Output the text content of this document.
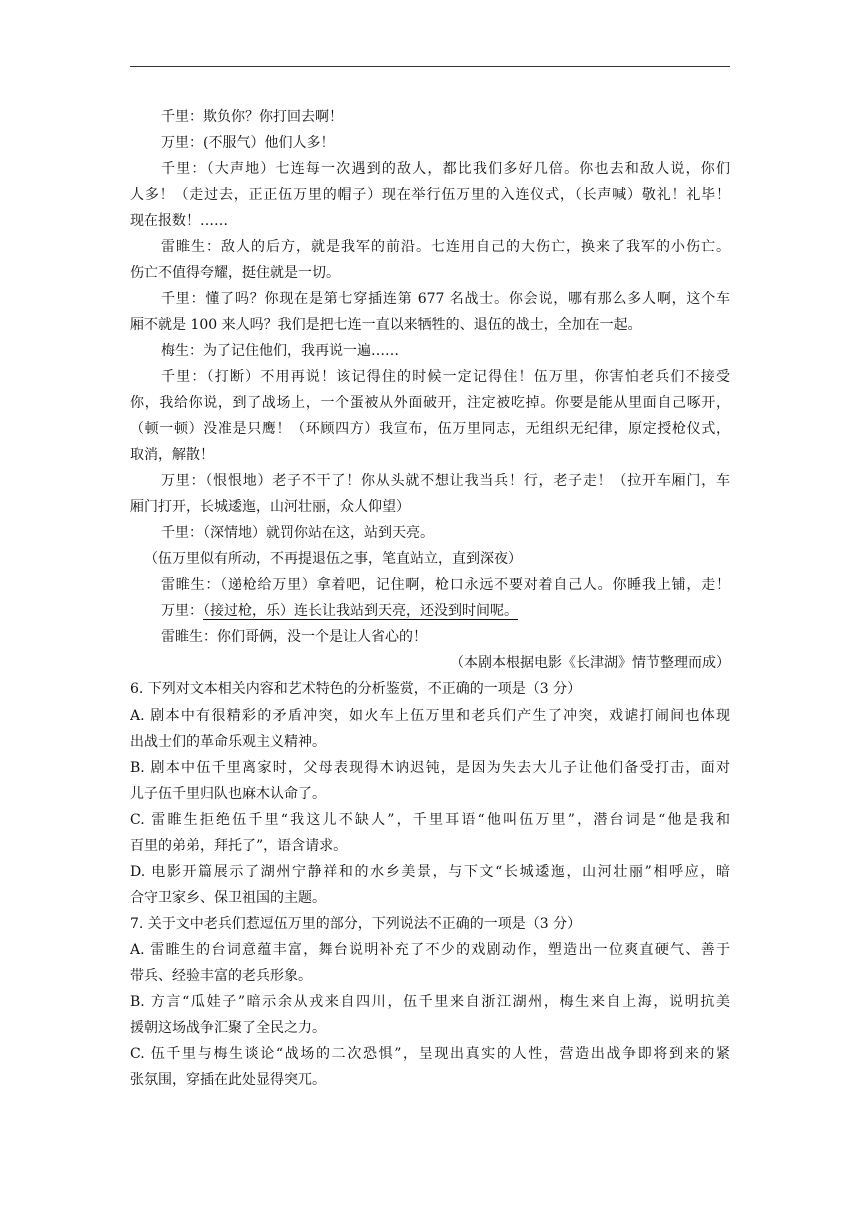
千里：欺负你？你打回去啊！
万里：(不服气）他们人多！
千里：（大声地）七连每一次遇到的敌人，都比我们多好几倍。你也去和敌人说，你们
人多！（走过去，正正伍万里的帽子）现在举行伍万里的入连仪式，（长声喊）敬礼！礼毕！
现在报数！……
雷睢生：敌人的后方，就是我军的前沿。七连用自己的大伤亡，换来了我军的小伤亡。
伤亡不值得夸耀，挺住就是一切。
千里：懂了吗？你现在是第七穿插连第 677 名战士。你会说，哪有那么多人啊，这个车
厢不就是 100 来人吗？我们是把七连一直以来牺牲的、退伍的战士，全加在一起。
梅生：为了记住他们，我再说一遍……
千里：（打断）不用再说！该记得住的时候一定记得住！伍万里，你害怕老兵们不接受
你，我给你说，到了战场上，一个蛋被从外面破开，注定被吃掉。你要是能从里面自己啄开，
（顿一顿）没准是只鹰！（环顾四方）我宣布，伍万里同志，无组织无纪律，原定授枪仪式，
取消，解散！
万里：（恨恨地）老子不干了！你从头就不想让我当兵！行，老子走！（拉开车厢门，车
厢门打开，长城逶迤，山河壮丽，众人仰望）
千里：（深情地）就罚你站在这，站到天亮。
（伍万里似有所动，不再提退伍之事，笔直站立，直到深夜）
雷睢生：（递枪给万里）拿着吧，记住啊，枪口永远不要对着自己人。你睡我上铺，走！
万里：（接过枪，乐）连长让我站到天亮，还没到时间呢。
雷睢生：你们哥俩，没一个是让人省心的！
（本剧本根据电影《长津湖》情节整理而成）
6. 下列对文本相关内容和艺术特色的分析鉴赏，不正确的一项是（3 分）
A. 剧本中有很精彩的矛盾冲突，如火车上伍万里和老兵们产生了冲突，戏谑打闹间也体现
出战士们的革命乐观主义精神。
B. 剧本中伍千里离家时，父母表现得木讷迟钝，是因为失去大儿子让他们备受打击，面对
儿子伍千里归队也麻木认命了。
C. 雷睢生拒绝伍千里“我这儿不缺人”，千里耳语“他叫伍万里”，潜台词是“他是我和
百里的弟弟，拜托了”，语含请求。
D. 电影开篇展示了湖州宁静祥和的水乡美景，与下文“长城逶迤，山河壮丽”相呼应，暗
合守卫家乡、保卫祖国的主题。
7. 关于文中老兵们惹逗伍万里的部分，下列说法不正确的一项是（3 分）
A. 雷睢生的台词意蕴丰富，舞台说明补充了不少的戏剧动作，塑造出一位爽直硬气、善于
带兵、经验丰富的老兵形象。
B. 方言“瓜娃子”暗示余从戎来自四川，伍千里来自浙江湖州，梅生来自上海，说明抗美
援朝这场战争汇聚了全民之力。
C. 伍千里与梅生谈论“战场的二次恐惧”，呈现出真实的人性，营造出战争即将到来的紧
张氛围，穿插在此处显得突兀。
